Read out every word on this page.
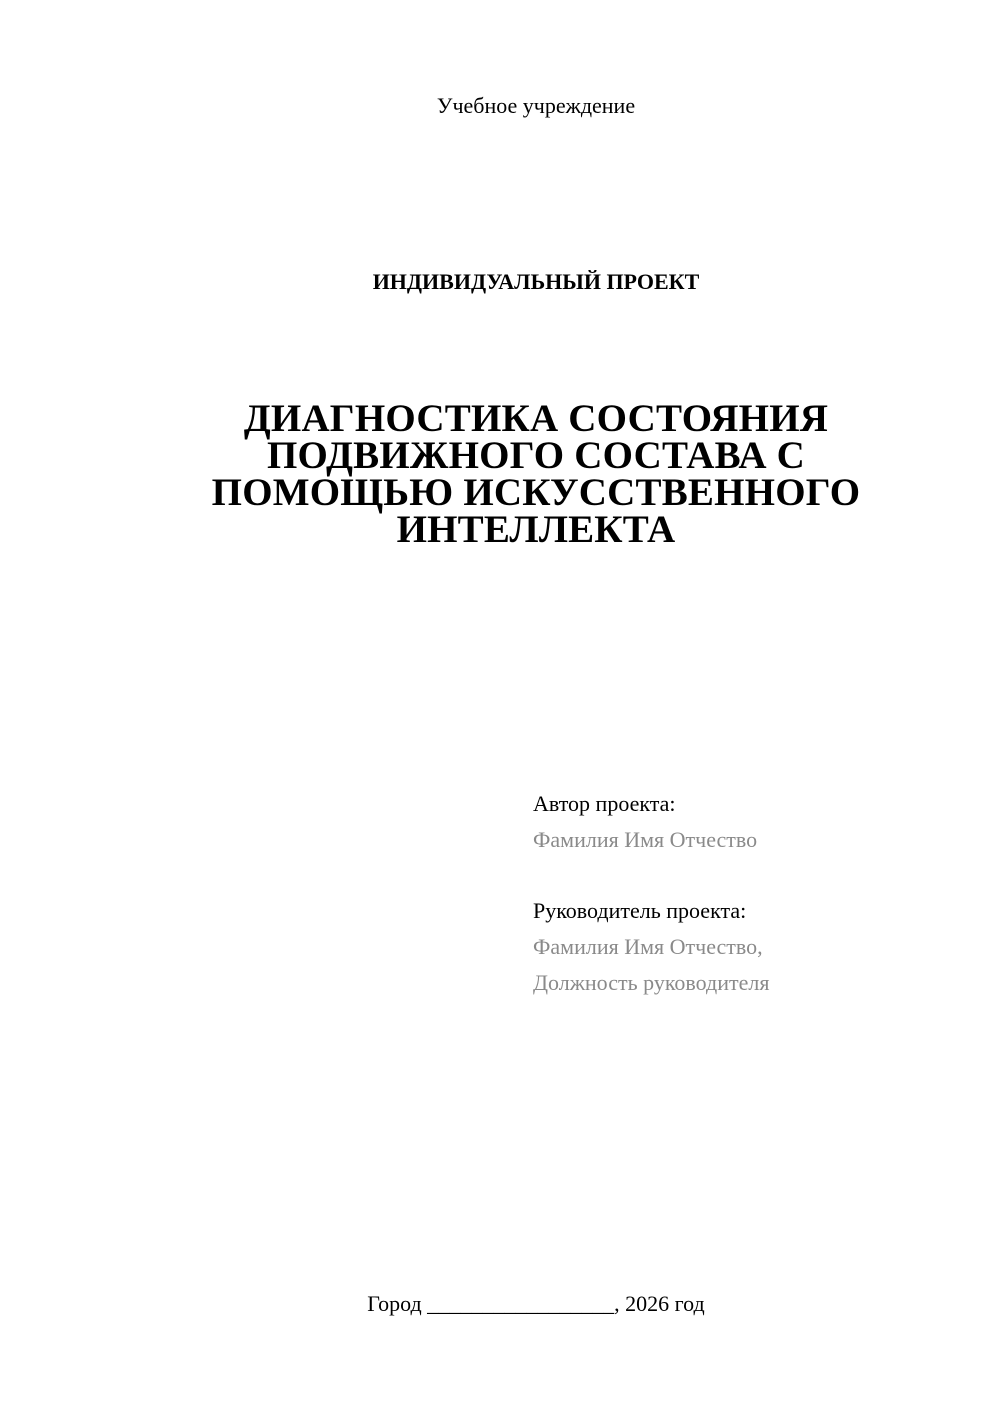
Учебное учреждение
ИНДИВИДУАЛЬНЫЙ ПРОЕКТ
ДИАГНОСТИКА СОСТОЯНИЯ
ПОДВИЖНОГО СОСТАВА С
ПОМОЩЬЮ ИСКУССТВЕННОГО
ИНТЕЛЛЕКТА
Автор проекта:
Фамилия Имя Отчество
Руководитель проекта:
Фамилия Имя Отчество,
Должность руководителя
Город _________________, 2026 год
